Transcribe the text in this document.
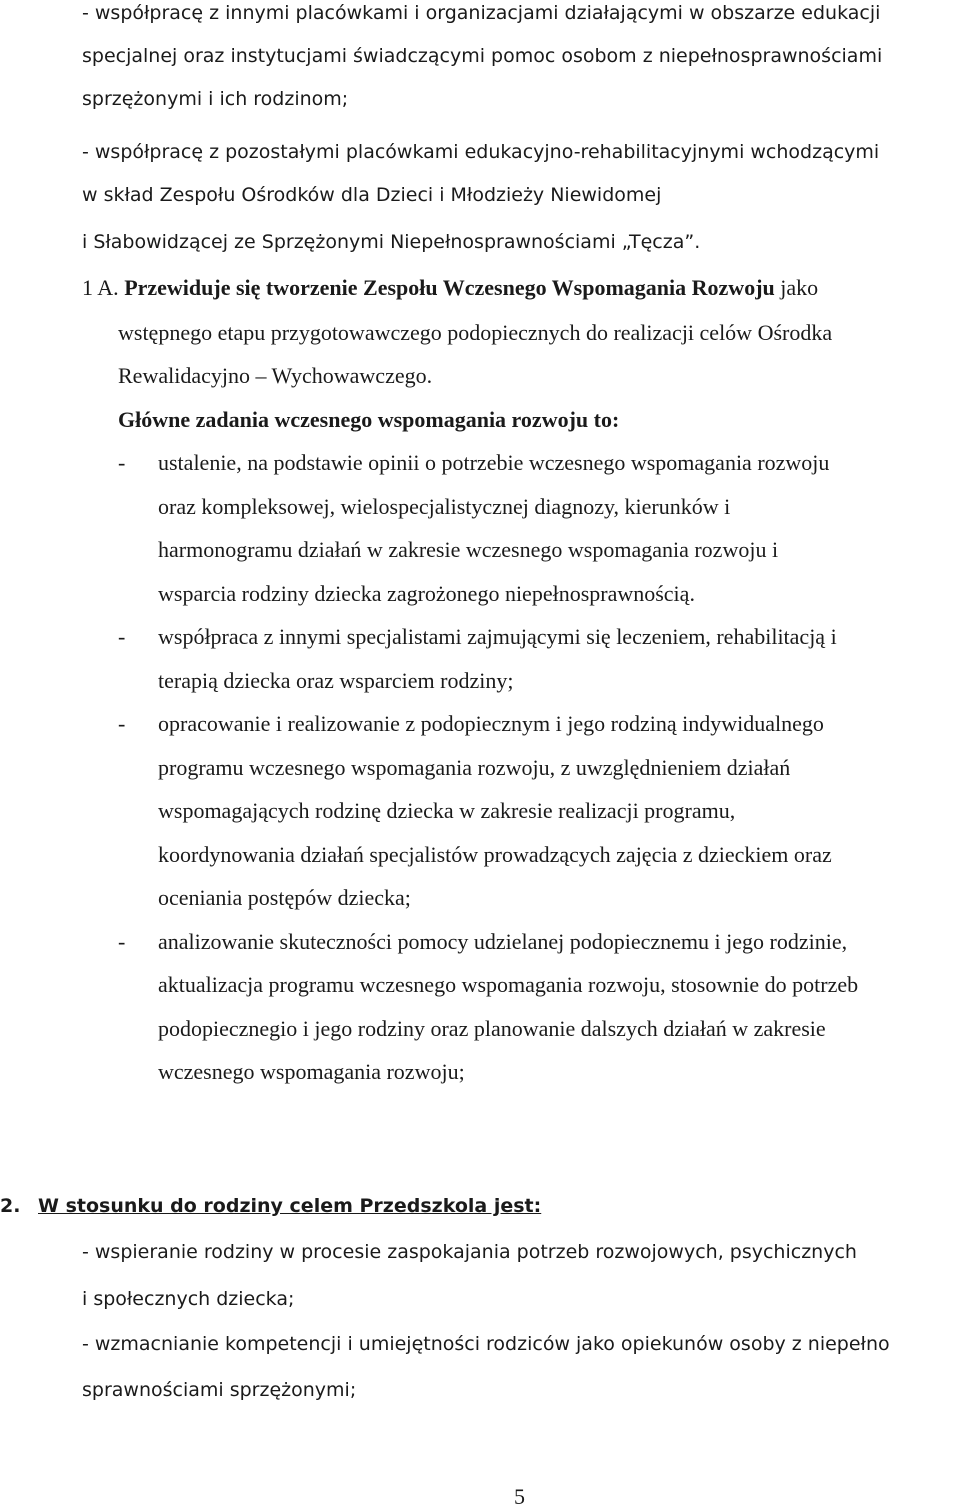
- współpracę z innymi placówkami i organizacjami działającymi w obszarze edukacji
specjalnej oraz instytucjami świadczącymi pomoc osobom z niepełnosprawnościami
sprzężonymi i ich rodzinom;
- współpracę z pozostałymi placówkami edukacyjno-rehabilitacyjnymi wchodzącymi
w skład Zespołu Ośrodków dla Dzieci i Młodzieży Niewidomej
i Słabowidzącej ze Sprzężonymi Niepełnosprawnościami „Tęcza”.
1 A. Przewiduje się tworzenie Zespołu Wczesnego Wspomagania Rozwoju jako
wstępnego etapu przygotowawczego podopiecznych do realizacji celów Ośrodka
Rewalidacyjno – Wychowawczego.
Główne zadania wczesnego wspomagania rozwoju to:
- ustalenie, na podstawie opinii o potrzebie wczesnego wspomagania rozwoju
oraz kompleksowej, wielospecjalistycznej diagnozy, kierunków i
harmonogramu działań w zakresie wczesnego wspomagania rozwoju i
wsparcia rodziny dziecka zagrożonego niepełnosprawnością.
- współpraca z innymi specjalistami zajmującymi się leczeniem, rehabilitacją i
terapią dziecka oraz wsparciem rodziny;
- opracowanie i realizowanie z podopiecznym i jego rodziną indywidualnego
programu wczesnego wspomagania rozwoju, z uwzględnieniem działań
wspomagających rodzinę dziecka w zakresie realizacji programu,
koordynowania działań specjalistów prowadzących zajęcia z dzieckiem oraz
oceniania postępów dziecka;
- analizowanie skuteczności pomocy udzielanej podopiecznemu i jego rodzinie,
aktualizacja programu wczesnego wspomagania rozwoju, stosownie do potrzeb
podopiecznegio i jego rodziny oraz planowanie dalszych działań w zakresie
wczesnego wspomagania rozwoju;
2. W stosunku do rodziny celem Przedszkola jest:
- wspieranie rodziny w procesie zaspokajania potrzeb rozwojowych, psychicznych
i społecznych dziecka;
- wzmacnianie kompetencji i umiejętności rodziców jako opiekunów osoby z niepełno
sprawnościami sprzężonymi;
5
